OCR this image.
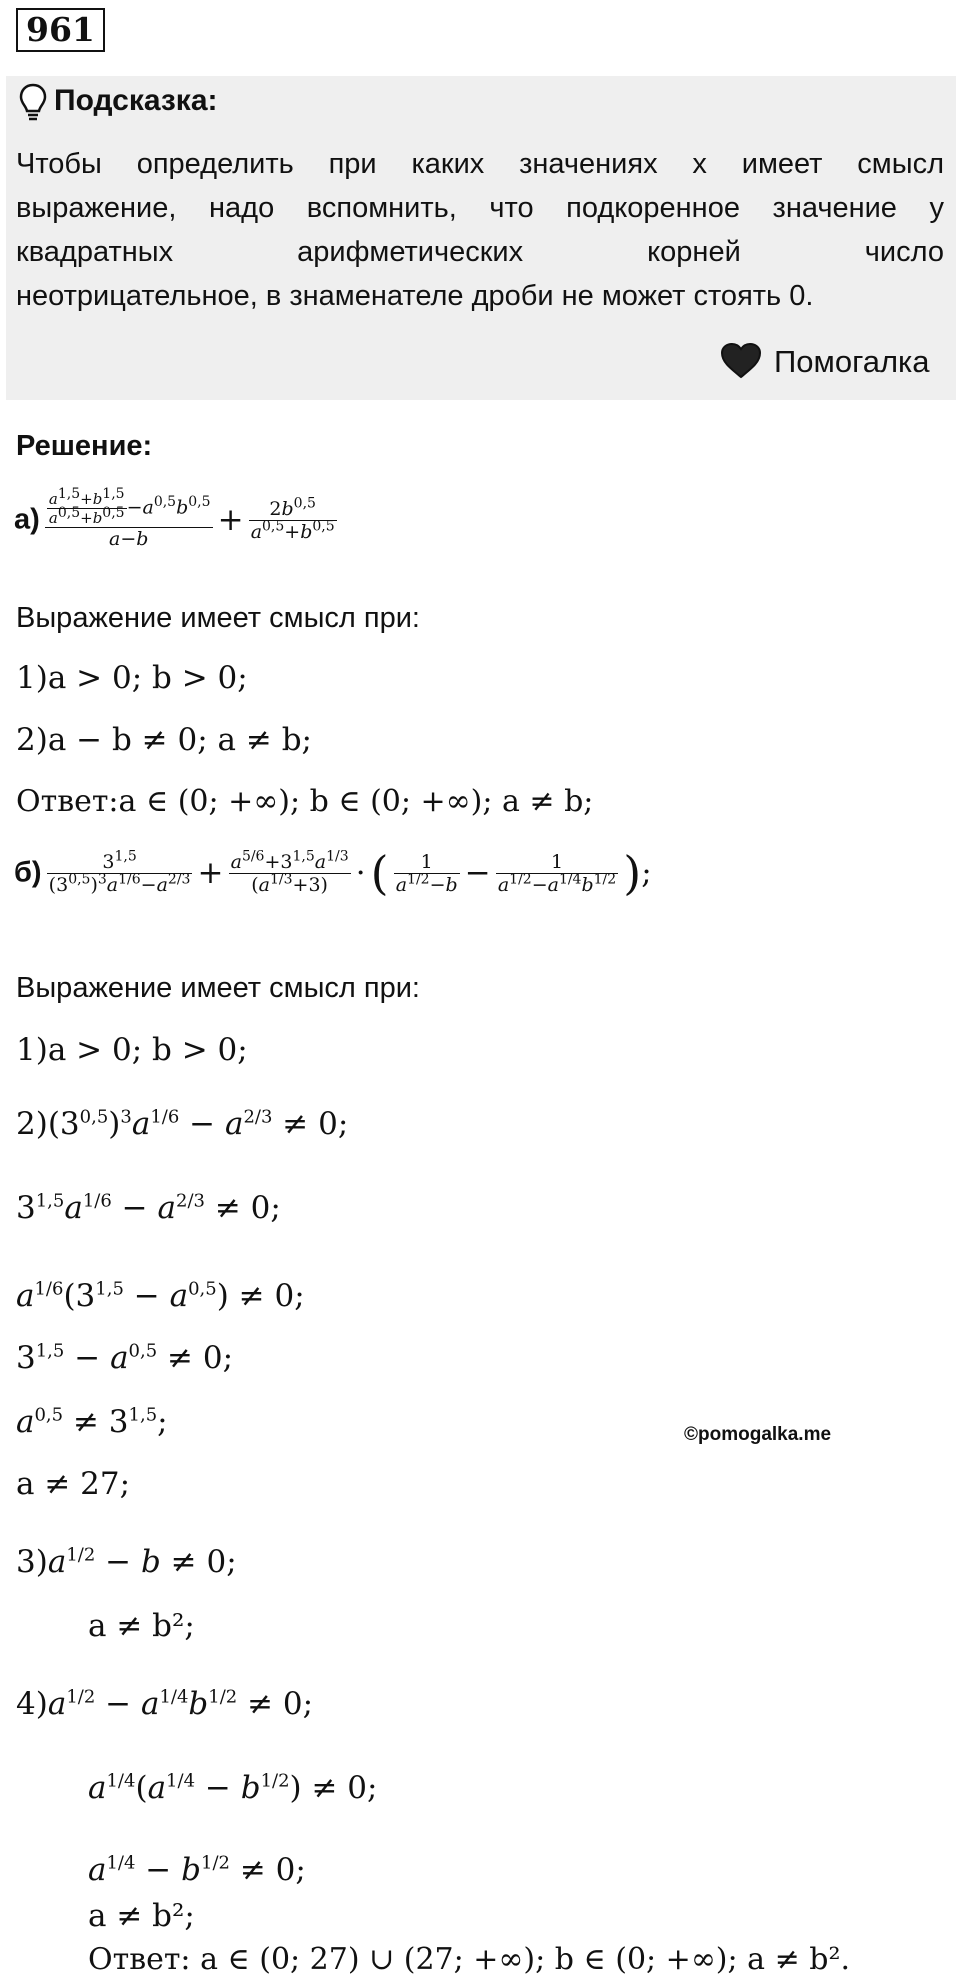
961
Подсказка:
Чтобы определить при каких значениях x имеет смысл
выражение, надо вспомнить, что подкоренное значение у
квадратных арифметических корней число
неотрицательное, в знаменателе дроби не может стоять 0.
Помогалка
Решение:
$а) \frac{\frac{a^{1,5}+b^{1,5}}{a^{0,5}+b^{0,5}} -a^{0,5}b^{0,5}}{a-b} + \frac{2b^{0,5}}{a^{0,5}+b^{0,5}}$
Выражение имеет смысл при:
1)a > 0; b > 0;
2)a − b ≠ 0; a ≠ b;
Ответ:a ∈ (0; +∞); b ∈ (0; +∞); a ≠ b;
$б) \frac{3^{1,5}}{(3^{0,5})^3a^{1/6}-a^{2/3}} + \frac{a^{5/6}+3^{1,5}a^{1/3}}{(a^{1/3}+3)}$ · ( $\frac{1}{a^{1/2}-b} - \frac{1}{a^{1/2}-a^{1/4}b^{1/2}}$ );
Выражение имеет смысл при:
1)a > 0; b > 0;
$2)(3^{0,5})^3a^{1/6} - a^{2/3} \ne 0$;
$3^{1,5}a^{1/6} - a^{2/3} \ne 0$;
$a^{1/6}(3^{1,5} - a^{0,5}) \ne 0$;
$3^{1,5} - a^{0,5} \ne 0$;
$a^{0,5} \ne 3^{1,5}$;
a ≠ 27;
©pomogalka.me
$3)a^{1/2} - b \ne 0$;
a ≠ b²;
$4)a^{1/2} - a^{1/4}b^{1/2} \ne 0$;
$a^{1/4}(a^{1/4} - b^{1/2}) \ne 0$;
$a^{1/4} - b^{1/2} \ne 0$;
a ≠ b²;
Ответ: a ∈ (0; 27) ∪ (27; +∞); b ∈ (0; +∞); a ≠ b².
